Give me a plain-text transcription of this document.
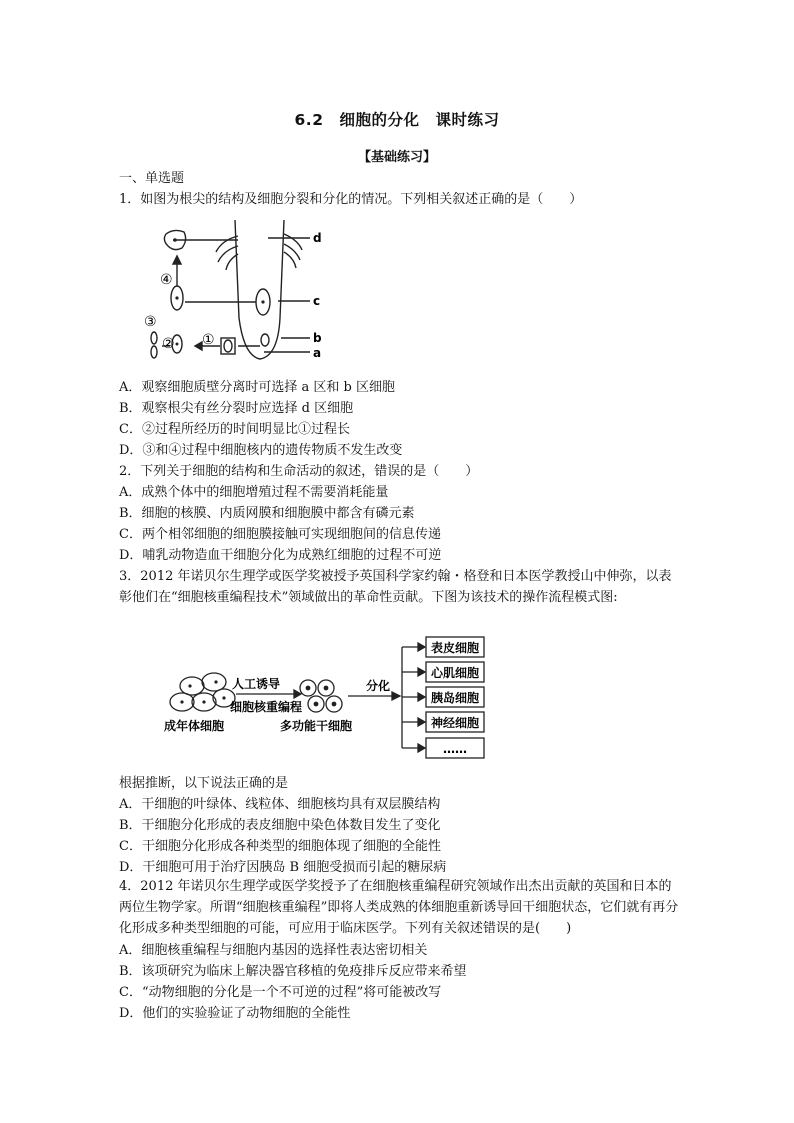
6.2　细胞的分化　课时练习
【基础练习】
一、单选题
1．如图为根尖的结构及细胞分裂和分化的情况。下列相关叙述正确的是（　　）
d
c
b
a
④
③
② ①
A．观察细胞质壁分离时可选择 a 区和 b 区细胞
B．观察根尖有丝分裂时应选择 d 区细胞
C．②过程所经历的时间明显比①过程长
D．③和④过程中细胞核内的遗传物质不发生改变
2．下列关于细胞的结构和生命活动的叙述，错误的是（　　）
A．成熟个体中的细胞增殖过程不需要消耗能量
B．细胞的核膜、内质网膜和细胞膜中都含有磷元素
C．两个相邻细胞的细胞膜接触可实现细胞间的信息传递
D．哺乳动物造血干细胞分化为成熟红细胞的过程不可逆
3．2012 年诺贝尔生理学或医学奖被授予英国科学家约翰・格登和日本医学教授山中伸弥，以表彰他们在“细胞核重编程技术”领域做出的革命性贡献。下图为该技术的操作流程模式图:
人工诱导
细胞核重编程
成年体细胞	多功能干细胞
分化
表皮细胞
心肌细胞
胰岛细胞
神经细胞
……
根据推断，以下说法正确的是
A．干细胞的叶绿体、线粒体、细胞核均具有双层膜结构
B．干细胞分化形成的表皮细胞中染色体数目发生了变化
C．干细胞分化形成各种类型的细胞体现了细胞的全能性
D．干细胞可用于治疗因胰岛 B 细胞受损而引起的糖尿病
4．2012 年诺贝尔生理学或医学奖授予了在细胞核重编程研究领域作出杰出贡献的英国和日本的两位生物学家。所谓“细胞核重编程”即将人类成熟的体细胞重新诱导回干细胞状态，它们就有再分化形成多种类型细胞的可能，可应用于临床医学。下列有关叙述错误的是(　　)
A．细胞核重编程与细胞内基因的选择性表达密切相关
B．该项研究为临床上解决器官移植的免疫排斥反应带来希望
C．“动物细胞的分化是一个不可逆的过程”将可能被改写
D．他们的实验验证了动物细胞的全能性
